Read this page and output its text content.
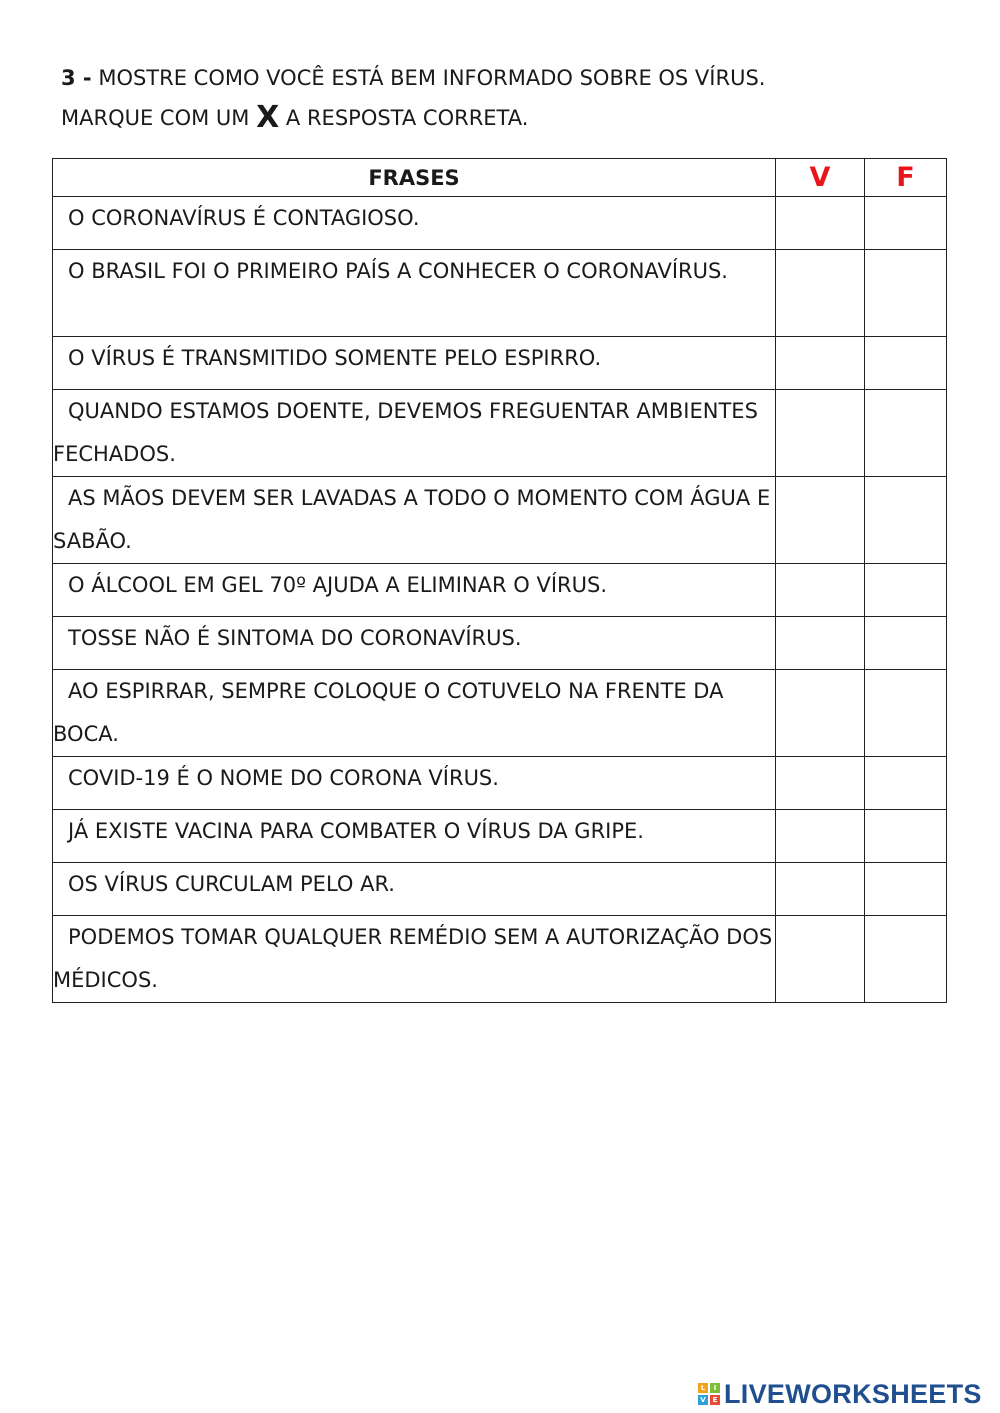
3 - MOSTRE COMO VOCÊ ESTÁ BEM INFORMADO SOBRE OS VÍRUS.
MARQUE COM UM X A RESPOSTA CORRETA.
FRASES	V	F
O CORONAVÍRUS É CONTAGIOSO.		
O BRASIL FOI O PRIMEIRO PAÍS A CONHECER O CORONAVÍRUS.		
O VÍRUS É TRANSMITIDO SOMENTE PELO ESPIRRO.		
QUANDO ESTAMOS DOENTE, DEVEMOS FREGUENTAR AMBIENTES FECHADOS.		
AS MÃOS DEVEM SER LAVADAS A TODO O MOMENTO COM ÁGUA E SABÃO.		
O ÁLCOOL EM GEL 70º AJUDA A ELIMINAR O VÍRUS.		
TOSSE NÃO É SINTOMA DO CORONAVÍRUS.		
AO ESPIRRAR, SEMPRE COLOQUE O COTUVELO NA FRENTE DA BOCA.		
COVID-19 É O NOME DO CORONA VÍRUS.		
JÁ EXISTE VACINA PARA COMBATER O VÍRUS DA GRIPE.		
OS VÍRUS CURCULAM PELO AR.		
PODEMOS TOMAR QUALQUER REMÉDIO SEM A AUTORIZAÇÃO DOS MÉDICOS.		
L	I
V E LIVEWORKSHEETS
